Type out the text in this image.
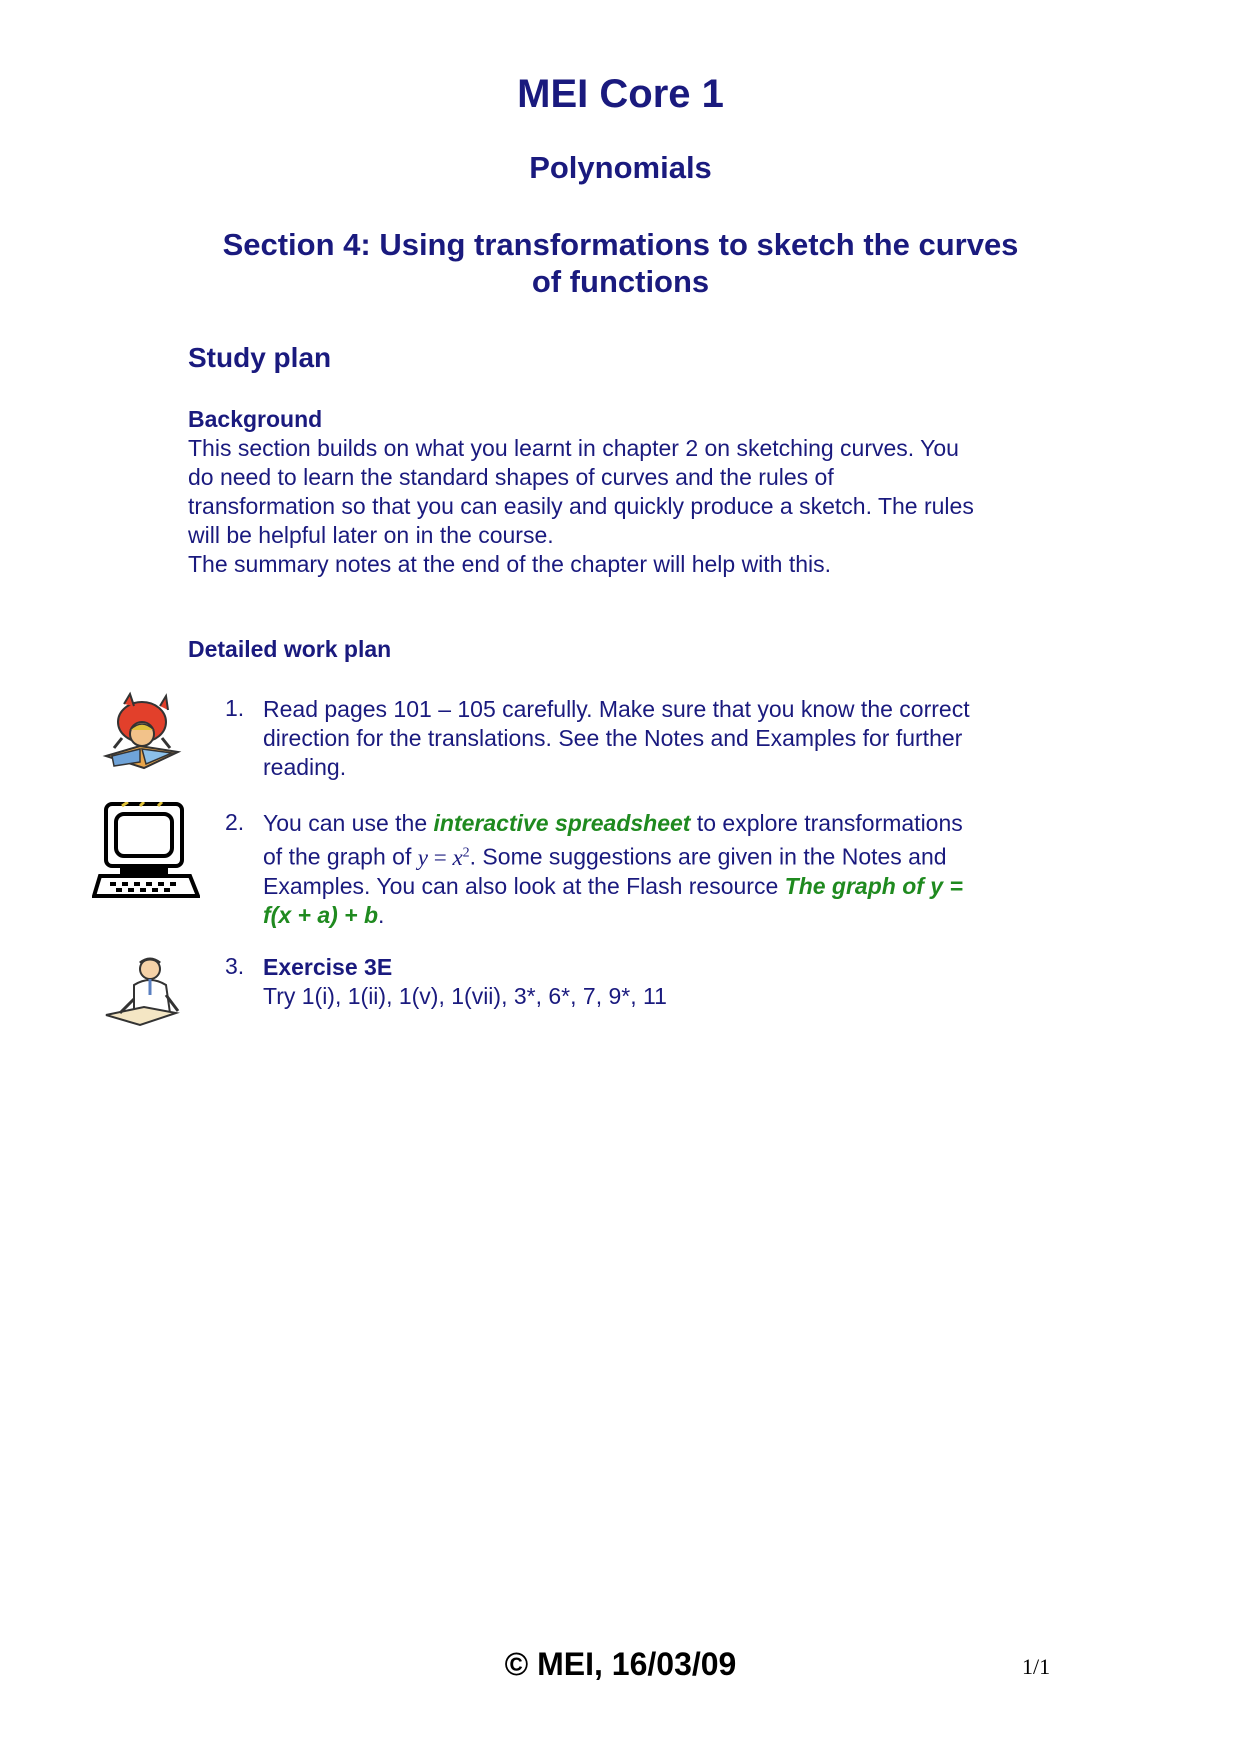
MEI Core 1
Polynomials
Section 4: Using transformations to sketch the curves
of functions
Study plan
Background
This section builds on what you learnt in chapter 2 on sketching curves. You
do need to learn the standard shapes of curves and the rules of
transformation so that you can easily and quickly produce a sketch. The rules
will be helpful later on in the course.
The summary notes at the end of the chapter will help with this.
Detailed work plan
1. Read pages 101 – 105 carefully. Make sure that you know the correct
direction for the translations. See the Notes and Examples for further
reading.
2. You can use the interactive spreadsheet to explore transformations
of the graph of $y = x^2$. Some suggestions are given in the Notes and
Examples. You can also look at the Flash resource The graph of y =
f(x + a) + b.
3. Exercise 3E
Try 1(i), 1(ii), 1(v), 1(vii), 3*, 6*, 7, 9*, 11
© MEI, 16/03/09	1/1
